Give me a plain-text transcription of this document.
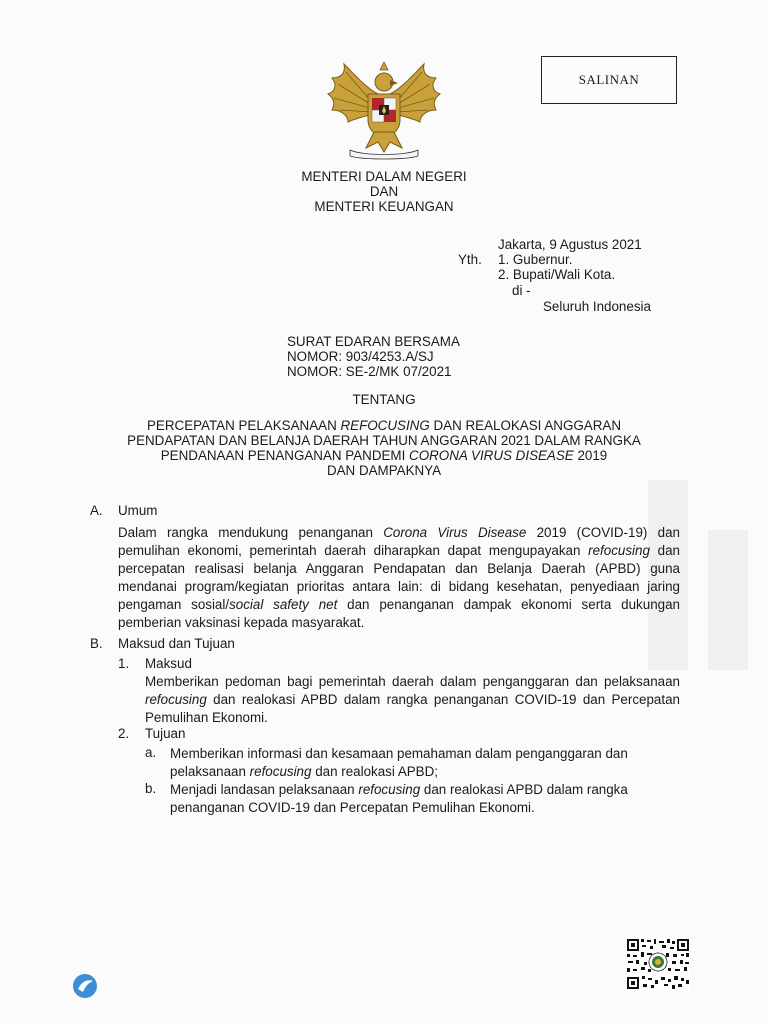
SALINAN
MENTERI DALAM NEGERI
DAN
MENTERI KEUANGAN
Jakarta, 9 Agustus 2021
Yth. 1. Gubernur.
2. Bupati/Wali Kota.
di -
Seluruh Indonesia
SURAT EDARAN BERSAMA
NOMOR: 903/4253.A/SJ
NOMOR: SE-2/MK 07/2021
TENTANG
PERCEPATAN PELAKSANAAN REFOCUSING DAN REALOKASI ANGGARAN
PENDAPATAN DAN BELANJA DAERAH TAHUN ANGGARAN 2021 DALAM RANGKA
PENDANAAN PENANGANAN PANDEMI CORONA VIRUS DISEASE 2019
DAN DAMPAKNYA
A. Umum
Dalam rangka mendukung penanganan Corona Virus Disease 2019 (COVID-19) dan pemulihan ekonomi, pemerintah daerah diharapkan dapat mengupayakan refocusing dan percepatan realisasi belanja Anggaran Pendapatan dan Belanja Daerah (APBD) guna mendanai program/kegiatan prioritas antara lain: di bidang kesehatan, penyediaan jaring pengaman sosial/social safety net dan penanganan dampak ekonomi serta dukungan pemberian vaksinasi kepada masyarakat.
B. Maksud dan Tujuan
1. Maksud
Memberikan pedoman bagi pemerintah daerah dalam penganggaran dan pelaksanaan refocusing dan realokasi APBD dalam rangka penanganan COVID-19 dan Percepatan Pemulihan Ekonomi.
2. Tujuan
a. Memberikan informasi dan kesamaan pemahaman dalam penganggaran dan pelaksanaan refocusing dan realokasi APBD;
b. Menjadi landasan pelaksanaan refocusing dan realokasi APBD dalam rangka penanganan COVID-19 dan Percepatan Pemulihan Ekonomi.
